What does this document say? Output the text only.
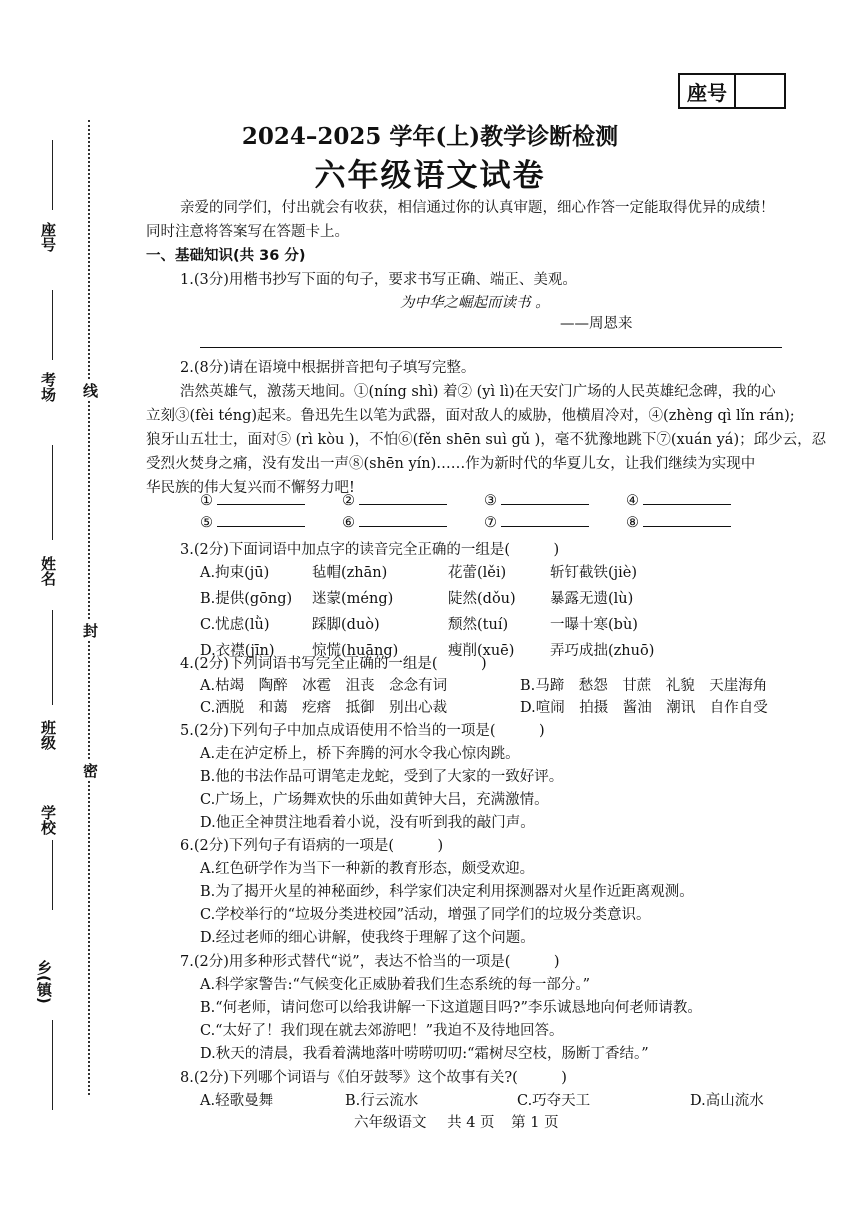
座号
座号
考场
姓名
班级
学校
乡(镇)
线
封
密
2024–2025 学年(上)教学诊断检测
六年级语文试卷
亲爱的同学们，付出就会有收获，相信通过你的认真审题，细心作答一定能取得优异的成绩！
同时注意将答案写在答题卡上。
一、基础知识(共 36 分)
1.(3分)用楷书抄写下面的句子，要求书写正确、端正、美观。
为中华之崛起而读书 。
——周恩来
2.(8分)请在语境中根据拼音把句子填写完整。
浩然英雄气，激荡天地间。①(níng shì) 着② (yì lì)在天安门广场的人民英雄纪念碑，我的心
立刻③(fèi téng)起来。鲁迅先生以笔为武器，面对敌人的威胁，他横眉冷对，④(zhèng qì lǐn rán);
狼牙山五壮士，面对⑤ (rì kòu )，不怕⑥(fěn shēn suì gǔ )，毫不犹豫地跳下⑦(xuán yá)；邱少云，忍
受烈火焚身之痛，没有发出一声⑧(shēn yín)……作为新时代的华夏儿女，让我们继续为实现中
华民族的伟大复兴而不懈努力吧!
①	②	③	④
⑤	⑥	⑦	⑧
3.(2分)下面词语中加点字的读音完全正确的一组是(　　　)
A.拘束(jū)	毡帽(zhān)	花蕾(lěi)	斩钉截铁(jiè)
B.提供(gōng)	迷蒙(méng)	陡然(dǒu)	暴露无遗(lù)
C.忧虑(lǜ)	踩脚(duò)	颓然(tuí)	一曝十寒(bù)
D.衣襟(jīn)	惊慌(huāng)	瘦削(xuē)	弄巧成拙(zhuō)
4.(2分)下列词语书写完全正确的一组是(　　　)
A.枯竭　陶醉　冰雹　沮丧　念念有词	B.马蹄　愁怨　甘蔗　礼貌　天崖海角
C.洒脱　和蔼　疙瘩　抵御　别出心裁	D.喧闹　拍摄　酱油　潮讯　自作自受
5.(2分)下列句子中加点成语使用不恰当的一项是(　　　)
A.走在泸定桥上，桥下奔腾的河水令我心惊肉跳。
B.他的书法作品可谓笔走龙蛇，受到了大家的一致好评。
C.广场上，广场舞欢快的乐曲如黄钟大吕，充满激情。
D.他正全神贯注地看着小说，没有听到我的敲门声。
6.(2分)下列句子有语病的一项是(　　　)
A.红色研学作为当下一种新的教育形态，颇受欢迎。
B.为了揭开火星的神秘面纱，科学家们决定利用探测器对火星作近距离观测。
C.学校举行的“垃圾分类进校园”活动，增强了同学们的垃圾分类意识。
D.经过老师的细心讲解，使我终于理解了这个问题。
7.(2分)用多种形式替代“说”，表达不恰当的一项是(　　　)
A.科学家警告:“气候变化正威胁着我们生态系统的每一部分。”
B.“何老师，请问您可以给我讲解一下这道题目吗?”李乐诚恳地向何老师请教。
C.“太好了！我们现在就去郊游吧！”我迫不及待地回答。
D.秋天的清晨，我看着满地落叶唠唠叨叨:“霜树尽空枝，肠断丁香结。”
8.(2分)下列哪个词语与《伯牙鼓琴》这个故事有关?(　　　)
A.轻歌曼舞	B.行云流水	C.巧夺天工	D.高山流水
六年级语文 共 4 页 第 1 页
